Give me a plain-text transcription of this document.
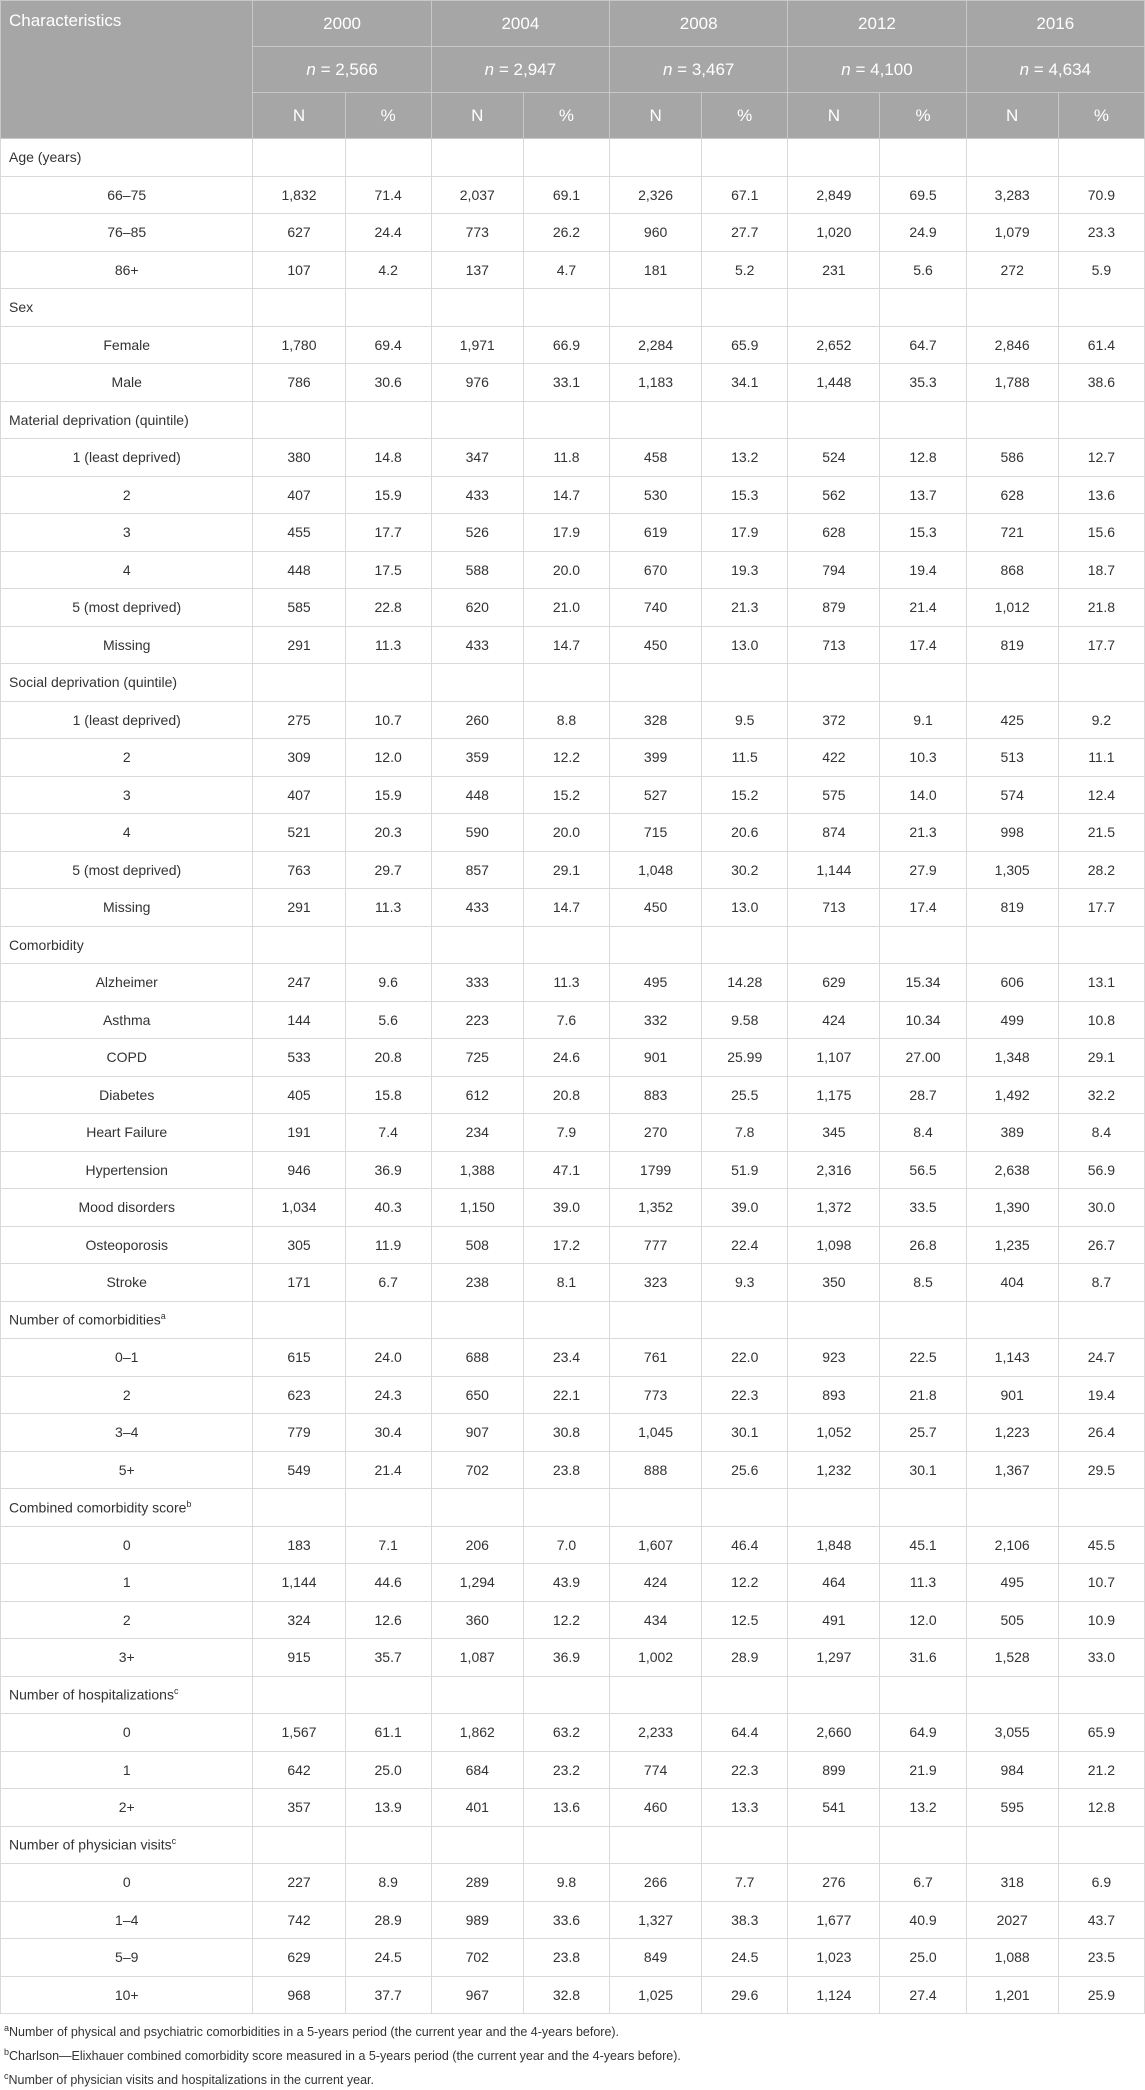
Characteristics	2000		2004		2008		2012		2016	
	n = 2,566		n = 2,947		n = 3,467		n = 4,100		n = 4,634	
	N	%	N	%	N	%	N	%	N	%
Age (years)										
66–75	1,832	71.4	2,037	69.1	2,326	67.1	2,849	69.5	3,283	70.9
76–85	627	24.4	773	26.2	960	27.7	1,020	24.9	1,079	23.3
86+	107	4.2	137	4.7	181	5.2	231	5.6	272	5.9
Sex										
Female	1,780	69.4	1,971	66.9	2,284	65.9	2,652	64.7	2,846	61.4
Male	786	30.6	976	33.1	1,183	34.1	1,448	35.3	1,788	38.6
Material deprivation (quintile)										
1 (least deprived)	380	14.8	347	11.8	458	13.2	524	12.8	586	12.7
2	407	15.9	433	14.7	530	15.3	562	13.7	628	13.6
3	455	17.7	526	17.9	619	17.9	628	15.3	721	15.6
4	448	17.5	588	20.0	670	19.3	794	19.4	868	18.7
5 (most deprived)	585	22.8	620	21.0	740	21.3	879	21.4	1,012	21.8
Missing	291	11.3	433	14.7	450	13.0	713	17.4	819	17.7
Social deprivation (quintile)										
1 (least deprived)	275	10.7	260	8.8	328	9.5	372	9.1	425	9.2
2	309	12.0	359	12.2	399	11.5	422	10.3	513	11.1
3	407	15.9	448	15.2	527	15.2	575	14.0	574	12.4
4	521	20.3	590	20.0	715	20.6	874	21.3	998	21.5
5 (most deprived)	763	29.7	857	29.1	1,048	30.2	1,144	27.9	1,305	28.2
Missing	291	11.3	433	14.7	450	13.0	713	17.4	819	17.7
Comorbidity										
Alzheimer	247	9.6	333	11.3	495	14.28	629	15.34	606	13.1
Asthma	144	5.6	223	7.6	332	9.58	424	10.34	499	10.8
COPD	533	20.8	725	24.6	901	25.99	1,107	27.00	1,348	29.1
Diabetes	405	15.8	612	20.8	883	25.5	1,175	28.7	1,492	32.2
Heart Failure	191	7.4	234	7.9	270	7.8	345	8.4	389	8.4
Hypertension	946	36.9	1,388	47.1	1799	51.9	2,316	56.5	2,638	56.9
Mood disorders	1,034	40.3	1,150	39.0	1,352	39.0	1,372	33.5	1,390	30.0
Osteoporosis	305	11.9	508	17.2	777	22.4	1,098	26.8	1,235	26.7
Stroke	171	6.7	238	8.1	323	9.3	350	8.5	404	8.7
Number of comorbidities$^a$										
0–1	615	24.0	688	23.4	761	22.0	923	22.5	1,143	24.7
2	623	24.3	650	22.1	773	22.3	893	21.8	901	19.4
3–4	779	30.4	907	30.8	1,045	30.1	1,052	25.7	1,223	26.4
5+	549	21.4	702	23.8	888	25.6	1,232	30.1	1,367	29.5
Combined comorbidity score$^b$										
0	183	7.1	206	7.0	1,607	46.4	1,848	45.1	2,106	45.5
1	1,144	44.6	1,294	43.9	424	12.2	464	11.3	495	10.7
2	324	12.6	360	12.2	434	12.5	491	12.0	505	10.9
3+	915	35.7	1,087	36.9	1,002	28.9	1,297	31.6	1,528	33.0
Number of hospitalizations$^c$										
0	1,567	61.1	1,862	63.2	2,233	64.4	2,660	64.9	3,055	65.9
1	642	25.0	684	23.2	774	22.3	899	21.9	984	21.2
2+	357	13.9	401	13.6	460	13.3	541	13.2	595	12.8
Number of physician visits$^c$										
0	227	8.9	289	9.8	266	7.7	276	6.7	318	6.9
1–4	742	28.9	989	33.6	1,327	38.3	1,677	40.9	2027	43.7
5–9	629	24.5	702	23.8	849	24.5	1,023	25.0	1,088	23.5
10+	968	37.7	967	32.8	1,025	29.6	1,124	27.4	1,201	25.9
$^a$Number of physical and psychiatric comorbidities in a 5-years period (the current year and the 4-years before).
$^b$Charlson—Elixhauer combined comorbidity score measured in a 5-years period (the current year and the 4-years before).
$^c$Number of physician visits and hospitalizations in the current year.
